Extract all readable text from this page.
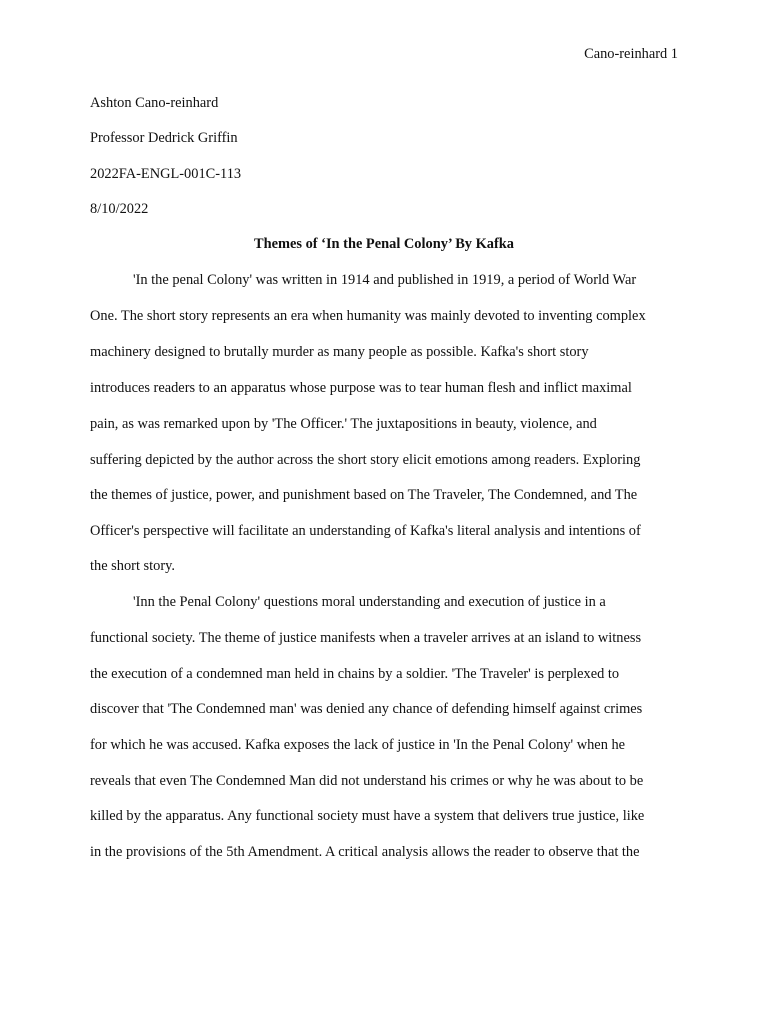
Cano-reinhard 1
Ashton Cano-reinhard
Professor Dedrick Griffin
2022FA-ENGL-001C-113
8/10/2022
Themes of ‘In the Penal Colony’ By Kafka
'In the penal Colony' was written in 1914 and published in 1919, a period of World War
One. The short story represents an era when humanity was mainly devoted to inventing complex
machinery designed to brutally murder as many people as possible. Kafka's short story
introduces readers to an apparatus whose purpose was to tear human flesh and inflict maximal
pain, as was remarked upon by 'The Officer.' The juxtapositions in beauty, violence, and
suffering depicted by the author across the short story elicit emotions among readers. Exploring
the themes of justice, power, and punishment based on The Traveler, The Condemned, and The
Officer's perspective will facilitate an understanding of Kafka's literal analysis and intentions of
the short story.
'Inn the Penal Colony' questions moral understanding and execution of justice in a
functional society. The theme of justice manifests when a traveler arrives at an island to witness
the execution of a condemned man held in chains by a soldier. 'The Traveler' is perplexed to
discover that 'The Condemned man' was denied any chance of defending himself against crimes
for which he was accused. Kafka exposes the lack of justice in 'In the Penal Colony' when he
reveals that even The Condemned Man did not understand his crimes or why he was about to be
killed by the apparatus. Any functional society must have a system that delivers true justice, like
in the provisions of the 5th Amendment. A critical analysis allows the reader to observe that the
